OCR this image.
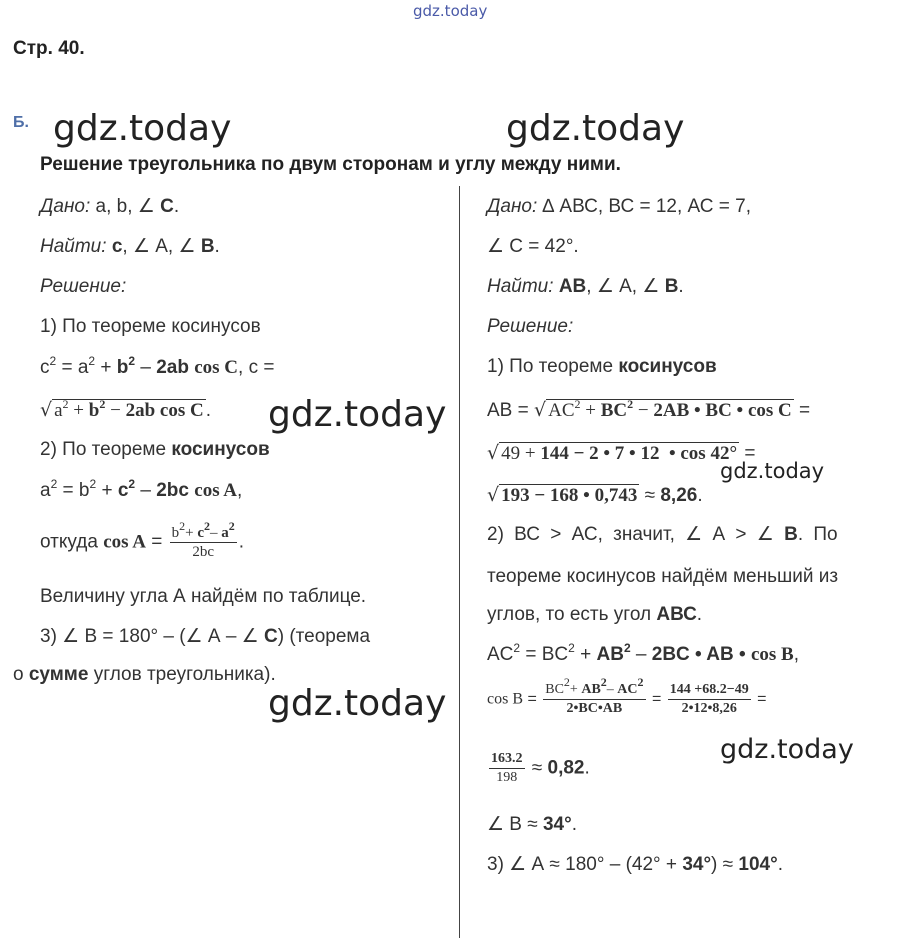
gdz.today
gdz.today	gdz.today
gdz.today
gdz.today
gdz.today
gdz.today
Стр. 40.
Б.
Решение треугольника по двум сторонам и углу между ними.
Дано: a, b, ∠ С.
Найти: с, ∠ А, ∠ В.
Решение:
1) По теореме косинусов
$c^2 = a^2 + b^2 - 2ab$ cos C, c =
√ $a^2 + b^2 - 2ab$ cos C .
2) По теореме косинусов
$a^2 = b^2 + c^2 - 2bc$ cos A,
откуда $\cos A = \frac{b^2+ c^2- a^2}{2bc}$ .
Величину угла А найдём по таблице.
3) ∠ В = 180° – (∠ А – ∠ С) (теорема
о сумме углов треугольника).
Дано: ∆ АВС, ВС = 12, АС = 7,
∠ С = 42°.
Найти: АВ, ∠ А, ∠ В.
Решение:
1) По теореме косинусов
AB = √ $AC^2 + BC^2 - 2AB$ • BC • cos C =
√ 49 + 144 − 2 • 7 • 12  • cos 42° =
√ 193 − 168 • 0,743 ≈ 8,26.
2) ВС > АС, значит, ∠ А > ∠ В. По
теореме косинусов найдём меньший из
углов, то есть угол АВС.
$AC^2 = BC^2 + AB^2 - 2BC$ • AB • cos B,
$\cos B = \frac{BC^2+ AB^2- AC^2}{2•BC•AB} = \frac{144 +68.2-49}{2•12•8,26}$ =
$\frac{163.2}{198} \approx 0,82$.
∠ B ≈ 34°.
3) ∠ А ≈ 180° – (42° + 34°) ≈ 104°.
